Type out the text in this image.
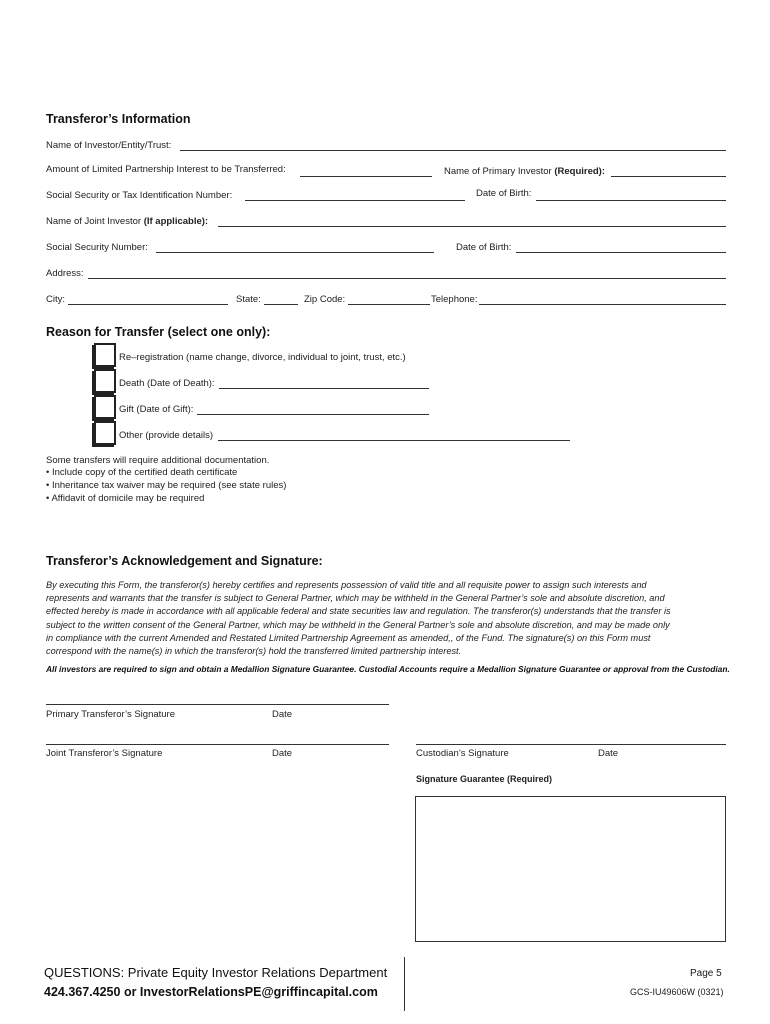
Transferor’s Information
Name of Investor/Entity/Trust:
Amount of Limited Partnership Interest to be Transferred:	Name of Primary Investor (Required):
Social Security or Tax Identification Number:	Date of Birth:
Name of Joint Investor (If applicable):
Social Security Number:	Date of Birth:
Address:
City:	State:	Zip Code:	Telephone:
Reason for Transfer (select one only):
Re–registration (name change, divorce, individual to joint, trust, etc.)
Death (Date of Death):
Gift (Date of Gift):
Other (provide details)
Some transfers will require additional documentation.
• Include copy of the certified death certificate
• Inheritance tax waiver may be required (see state rules)
• Affidavit of domicile may be required
Transferor’s Acknowledgement and Signature:
By executing this Form, the transferor(s) hereby certifies and represents possession of valid title and all requisite power to assign such interests and
represents and warrants that the transfer is subject to General Partner, which may be withheld in the General Partner’s sole and absolute discretion, and
effected hereby is made in accordance with all applicable federal and state securities law and regulation. The transferor(s) understands that the transfer is
subject to the written consent of the General Partner, which may be withheld in the General Partner’s sole and absolute discretion, and may be made only
in compliance with the current Amended and Restated Limited Partnership Agreement as amended,, of the Fund. The signature(s) on this Form must
correspond with the name(s) in which the transferor(s) hold the transferred limited partnership interest.
All investors are required to sign and obtain a Medallion Signature Guarantee. Custodial Accounts require a Medallion Signature Guarantee or approval from the Custodian.
Primary Transferor’s Signature	Date
Joint Transferor’s Signature	Date	Custodian’s Signature	Date
Signature Guarantee (Required)
QUESTIONS: Private Equity Investor Relations Department
424.367.4250 or InvestorRelationsPE@griffincapital.com
Page 5
GCS-IU49606W (0321)
